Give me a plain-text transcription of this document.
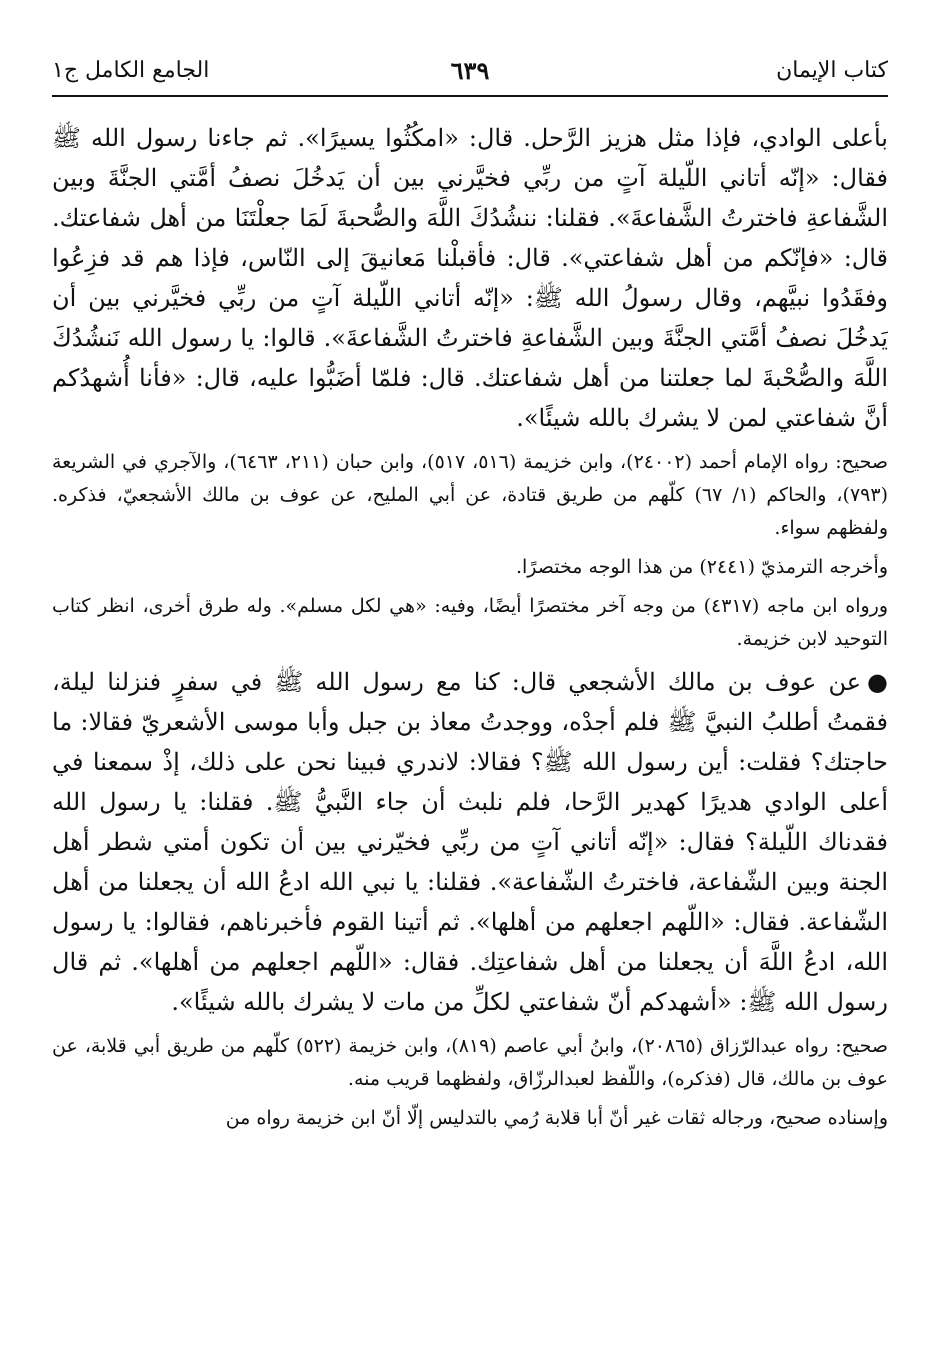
كتاب الإيمان
٦٣٩
الجامع الكامل ج١

بأعلى الوادي، فإذا مثل هزيز الرَّحل. قال: «امكُثُوا يسيرًا». ثم جاءنا رسول الله ﷺ فقال: «إنّه أتاني اللّيلة آتٍ من ربِّي فخيَّرني بين أن يَدخُلَ نصفُ أمَّتي الجنَّةَ وبين الشَّفاعةِ فاخترتُ الشَّفاعةَ». فقلنا: ننشُدُكَ اللَّهَ والصُّحبةَ لَمَا جعلْتَنَا من أهل شفاعتك. قال: «فإنّكم من أهل شفاعتي». قال: فأقبلْنا مَعانيقَ إلى النّاس، فإذا هم قد فزِعُوا وفقَدُوا نبيَّهم، وقال رسولُ الله ﷺ: «إنّه أتاني اللّيلة آتٍ من ربِّي فخيَّرني بين أن يَدخُلَ نصفُ أمَّتي الجنَّةَ وبين الشَّفاعةِ فاخترتُ الشَّفاعةَ». قالوا: يا رسول الله نَنشُدُكَ اللَّهَ والصُّحْبةَ لما جعلتنا من أهل شفاعتك. قال: فلمّا أضَبُّوا عليه، قال: «فأنا أُشهدُكم أنَّ شفاعتي لمن لا يشرك بالله شيئًا».

صحيح: رواه الإمام أحمد (٢٤٠٠٢)، وابن خزيمة (٥١٦، ٥١٧)، وابن حبان (٢١١، ٦٤٦٣)، والآجري في الشريعة (٧٩٣)، والحاكم (١/ ٦٧) كلّهم من طريق قتادة، عن أبي المليح، عن عوف بن مالك الأشجعيّ، فذكره. ولفظهم سواء.

وأخرجه الترمذيّ (٢٤٤١) من هذا الوجه مختصرًا.

ورواه ابن ماجه (٤٣١٧) من وجه آخر مختصرًا أيضًا، وفيه: «هي لكل مسلم». وله طرق أخرى، انظر كتاب التوحيد لابن خزيمة.

●عن عوف بن مالك الأشجعي قال: كنا مع رسول الله ﷺ في سفرٍ فنزلنا ليلة، فقمتُ أطلبُ النبيَّ ﷺ فلم أجدْه، ووجدتُ معاذ بن جبل وأبا موسى الأشعريّ فقالا: ما حاجتك؟ فقلت: أين رسول الله ﷺ؟ فقالا: لاندري فبينا نحن على ذلك، إذْ سمعنا في أعلى الوادي هديرًا كهدير الرَّحا، فلم نلبث أن جاء النَّبيُّ ﷺ. فقلنا: يا رسول الله فقدناك اللّيلة؟ فقال: «إنّه أتاني آتٍ من ربِّي فخيّرني بين أن تكون أمتي شطر أهل الجنة وبين الشّفاعة، فاخترتُ الشّفاعة». فقلنا: يا نبي الله ادعُ الله أن يجعلنا من أهل الشّفاعة. فقال: «اللّهم اجعلهم من أهلها». ثم أتينا القوم فأخبرناهم، فقالوا: يا رسول الله، ادعُ اللَّهَ أن يجعلنا من أهل شفاعتِك. فقال: «اللّهم اجعلهم من أهلها». ثم قال رسول الله ﷺ: «أشهدكم أنّ شفاعتي لكلِّ من مات لا يشرك بالله شيئًا».

صحيح: رواه عبدالرّزاق (٢٠٨٦٥)، وابنُ أبي عاصم (٨١٩)، وابن خزيمة (٥٢٢) كلّهم من طريق أبي قلابة، عن عوف بن مالك، قال (فذكره)، واللّفظ لعبدالرزّاق، ولفظهما قريب منه.

وإسناده صحيح، ورجاله ثقات غير أنّ أبا قلابة رُمي بالتدليس إلّا أنّ ابن خزيمة رواه من
